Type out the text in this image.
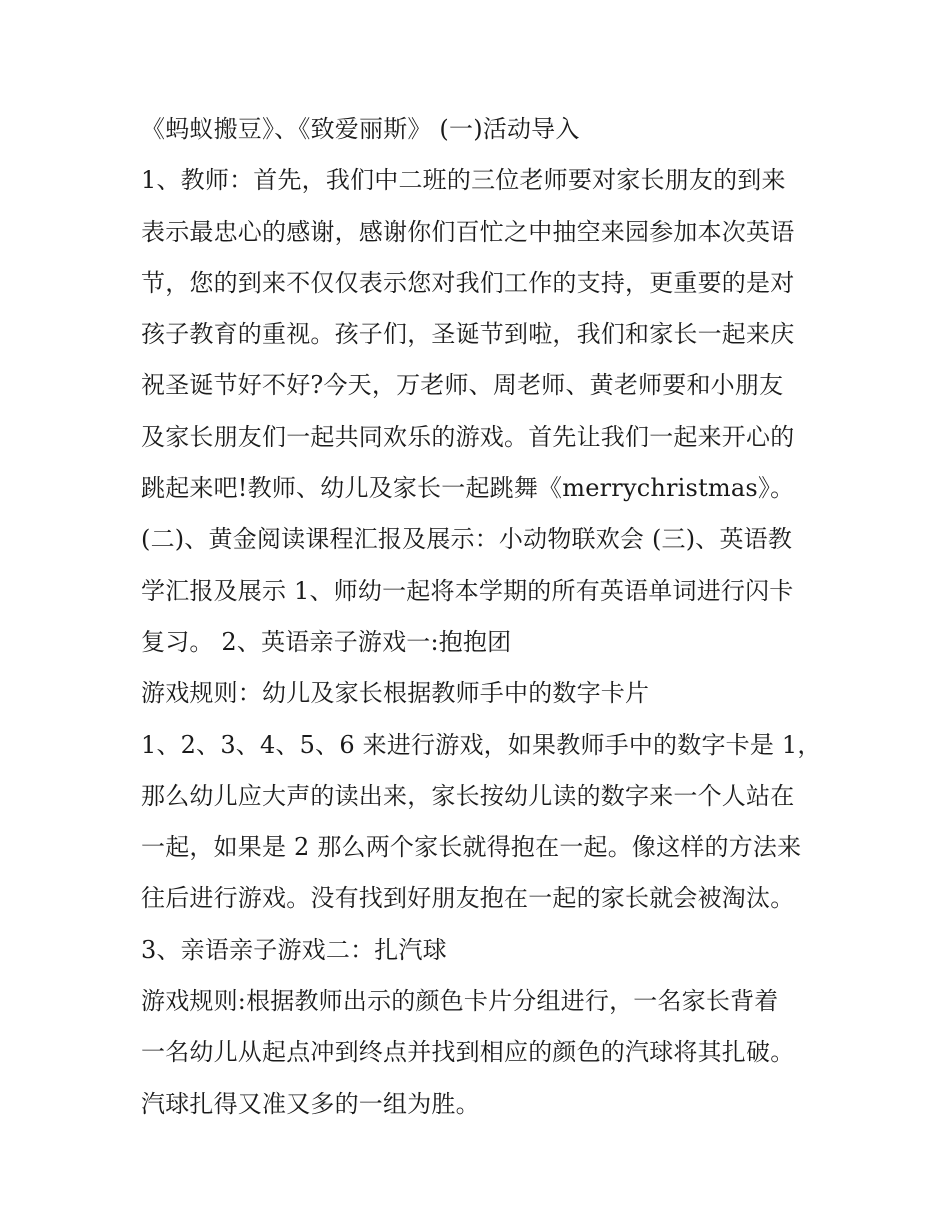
《蚂蚁搬豆》、《致爱丽斯》 (一)活动导入
1、教师：首先，我们中二班的三位老师要对家长朋友的到来
表示最忠心的感谢，感谢你们百忙之中抽空来园参加本次英语
节，您的到来不仅仅表示您对我们工作的支持，更重要的是对
孩子教育的重视。孩子们，圣诞节到啦，我们和家长一起来庆
祝圣诞节好不好?今天，万老师、周老师、黄老师要和小朋友
及家长朋友们一起共同欢乐的游戏。首先让我们一起来开心的
跳起来吧!教师、幼儿及家长一起跳舞《merrychristmas》。
(二)、黄金阅读课程汇报及展示：小动物联欢会 (三)、英语教
学汇报及展示 1、师幼一起将本学期的所有英语单词进行闪卡
复习。 2、英语亲子游戏一:抱抱团
游戏规则：幼儿及家长根据教师手中的数字卡片
1、2、3、4、5、6 来进行游戏，如果教师手中的数字卡是 1，
那么幼儿应大声的读出来，家长按幼儿读的数字来一个人站在
一起，如果是 2 那么两个家长就得抱在一起。像这样的方法来
往后进行游戏。没有找到好朋友抱在一起的家长就会被淘汰。
3、亲语亲子游戏二：扎汽球
游戏规则:根据教师出示的颜色卡片分组进行，一名家长背着
一名幼儿从起点冲到终点并找到相应的颜色的汽球将其扎破。
汽球扎得又准又多的一组为胜。
